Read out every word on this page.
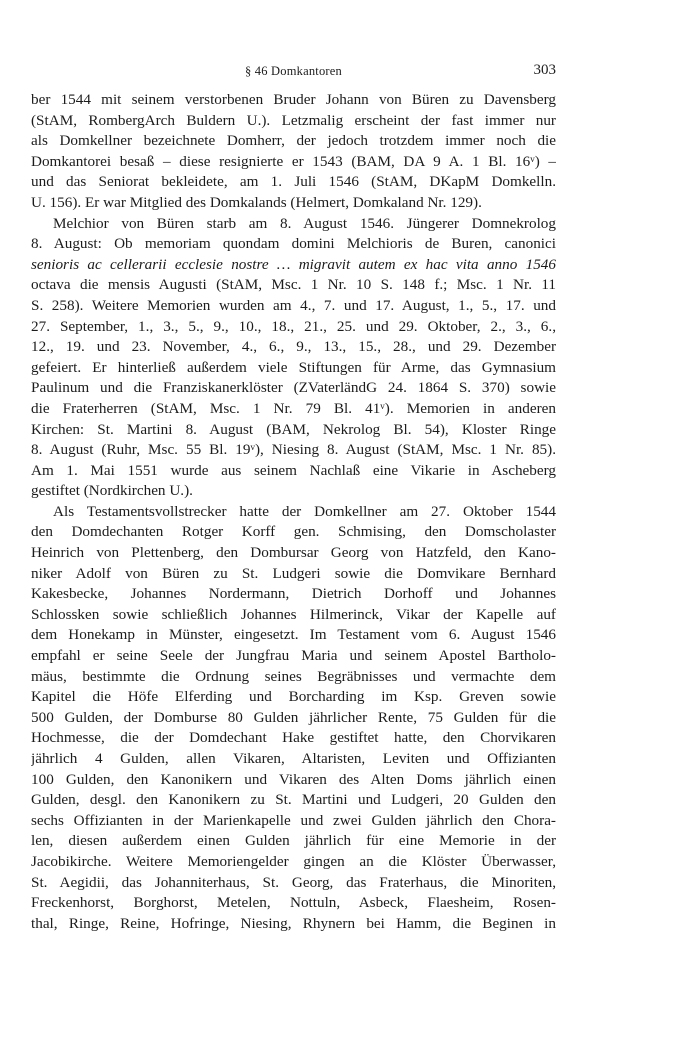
§ 46 Domkantoren	303
ber 1544 mit seinem verstorbenen Bruder Johann von Büren zu Davensberg
(StAM, RombergArch Buldern U.). Letzmalig erscheint der fast immer nur
als Domkellner bezeichnete Domherr, der jedoch trotzdem immer noch die
Domkantorei besaß – diese resignierte er 1543 (BAM, DA 9 A. 1 Bl. 16ᵛ) –
und das Seniorat bekleidete, am 1. Juli 1546 (StAM, DKapM Domkelln.
U. 156). Er war Mitglied des Domkalands (Helmert, Domkaland Nr. 129).
Melchior von Büren starb am 8. August 1546. Jüngerer Domnekrolog
8. August: Ob memoriam quondam domini Melchioris de Buren, canonici
senioris ac cellerarii ecclesie nostre … migravit autem ex hac vita anno 1546
octava die mensis Augusti (StAM, Msc. 1 Nr. 10 S. 148 f.; Msc. 1 Nr. 11
S. 258). Weitere Memorien wurden am 4., 7. und 17. August, 1., 5., 17. und
27. September, 1., 3., 5., 9., 10., 18., 21., 25. und 29. Oktober, 2., 3., 6.,
12., 19. und 23. November, 4., 6., 9., 13., 15., 28., und 29. Dezember
gefeiert. Er hinterließ außerdem viele Stiftungen für Arme, das Gymnasium
Paulinum und die Franziskanerklöster (ZVaterländG 24. 1864 S. 370) sowie
die Fraterherren (StAM, Msc. 1 Nr. 79 Bl. 41ᵛ). Memorien in anderen
Kirchen: St. Martini 8. August (BAM, Nekrolog Bl. 54), Kloster Ringe
8. August (Ruhr, Msc. 55 Bl. 19ᵛ), Niesing 8. August (StAM, Msc. 1 Nr. 85).
Am 1. Mai 1551 wurde aus seinem Nachlaß eine Vikarie in Ascheberg
gestiftet (Nordkirchen U.).
Als Testamentsvollstrecker hatte der Domkellner am 27. Oktober 1544
den Domdechanten Rotger Korff gen. Schmising, den Domscholaster
Heinrich von Plettenberg, den Dombursar Georg von Hatzfeld, den Kano-
niker Adolf von Büren zu St. Ludgeri sowie die Domvikare Bernhard
Kakesbecke, Johannes Nordermann, Dietrich Dorhoff und Johannes
Schlossken sowie schließlich Johannes Hilmerinck, Vikar der Kapelle auf
dem Honekamp in Münster, eingesetzt. Im Testament vom 6. August 1546
empfahl er seine Seele der Jungfrau Maria und seinem Apostel Bartholo-
mäus, bestimmte die Ordnung seines Begräbnisses und vermachte dem
Kapitel die Höfe Elferding und Borcharding im Ksp. Greven sowie
500 Gulden, der Domburse 80 Gulden jährlicher Rente, 75 Gulden für die
Hochmesse, die der Domdechant Hake gestiftet hatte, den Chorvikaren
jährlich 4 Gulden, allen Vikaren, Altaristen, Leviten und Offizianten
100 Gulden, den Kanonikern und Vikaren des Alten Doms jährlich einen
Gulden, desgl. den Kanonikern zu St. Martini und Ludgeri, 20 Gulden den
sechs Offizianten in der Marienkapelle und zwei Gulden jährlich den Chora-
len, diesen außerdem einen Gulden jährlich für eine Memorie in der
Jacobikirche. Weitere Memoriengelder gingen an die Klöster Überwasser,
St. Aegidii, das Johanniterhaus, St. Georg, das Fraterhaus, die Minoriten,
Freckenhorst, Borghorst, Metelen, Nottuln, Asbeck, Flaesheim, Rosen-
thal, Ringe, Reine, Hofringe, Niesing, Rhynern bei Hamm, die Beginen in
